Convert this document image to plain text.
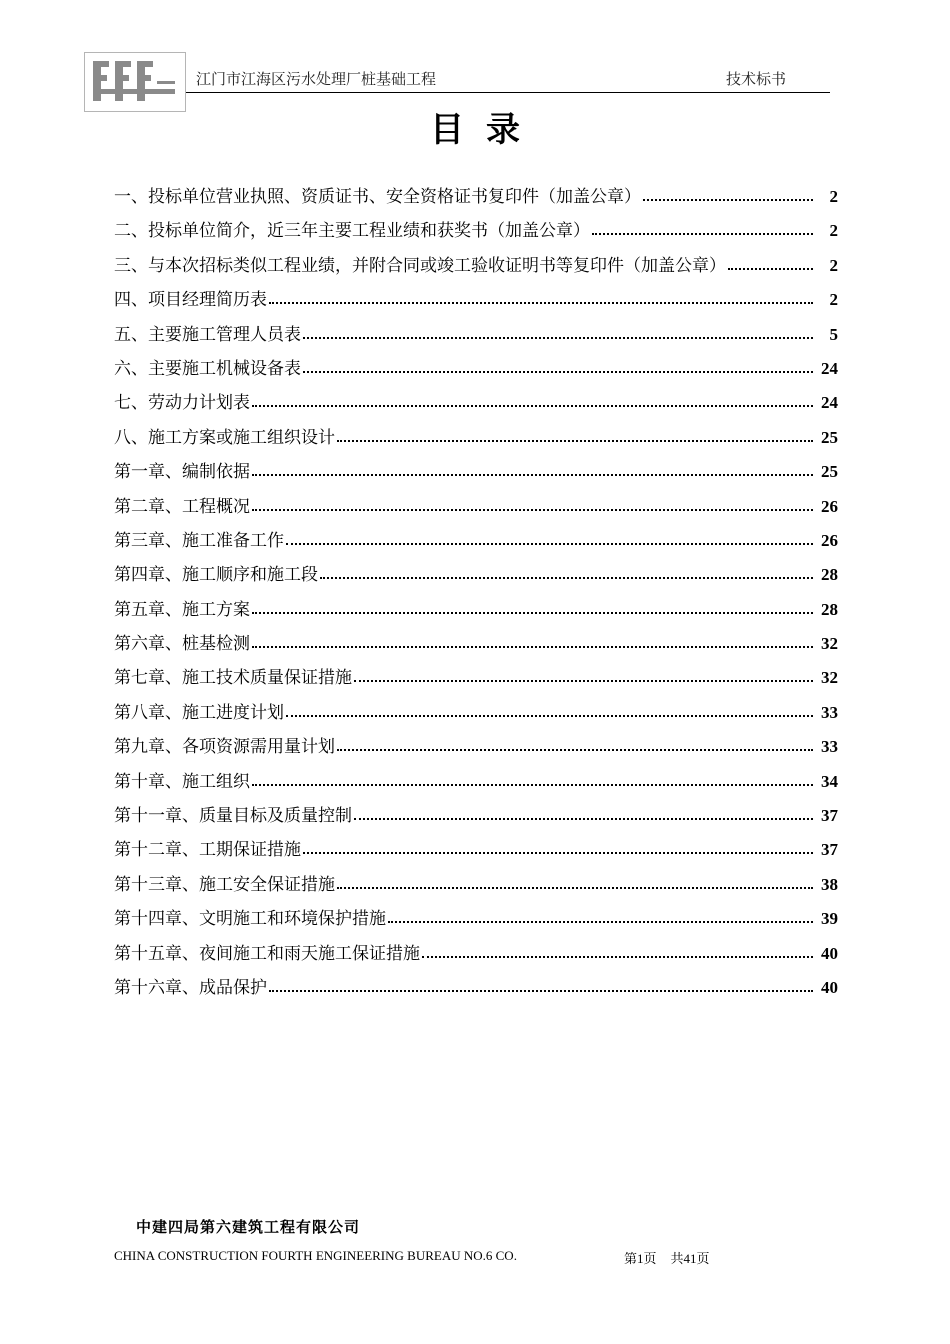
江门市江海区污水处理厂桩基础工程	技术标书
目录
一、投标单位营业执照、资质证书、安全资格证书复印件（加盖公章）	2
二、投标单位简介，近三年主要工程业绩和获奖书（加盖公章）	2
三、与本次招标类似工程业绩，并附合同或竣工验收证明书等复印件（加盖公章）	2
四、项目经理简历表	2
五、主要施工管理人员表	5
六、主要施工机械设备表	24
七、劳动力计划表	24
八、施工方案或施工组织设计	25
第一章、编制依据	25
第二章、工程概况	26
第三章、施工准备工作	26
第四章、施工顺序和施工段	28
第五章、施工方案	28
第六章、桩基检测	32
第七章、施工技术质量保证措施	32
第八章、施工进度计划	33
第九章、各项资源需用量计划	33
第十章、施工组织	34
第十一章、质量目标及质量控制	37
第十二章、工期保证措施	37
第十三章、施工安全保证措施	38
第十四章、文明施工和环境保护措施	39
第十五章、夜间施工和雨天施工保证措施	40
第十六章、成品保护	40
中建四局第六建筑工程有限公司
CHINA CONSTRUCTION FOURTH ENGINEERING BUREAU NO.6 CO.	第1页 共41页
